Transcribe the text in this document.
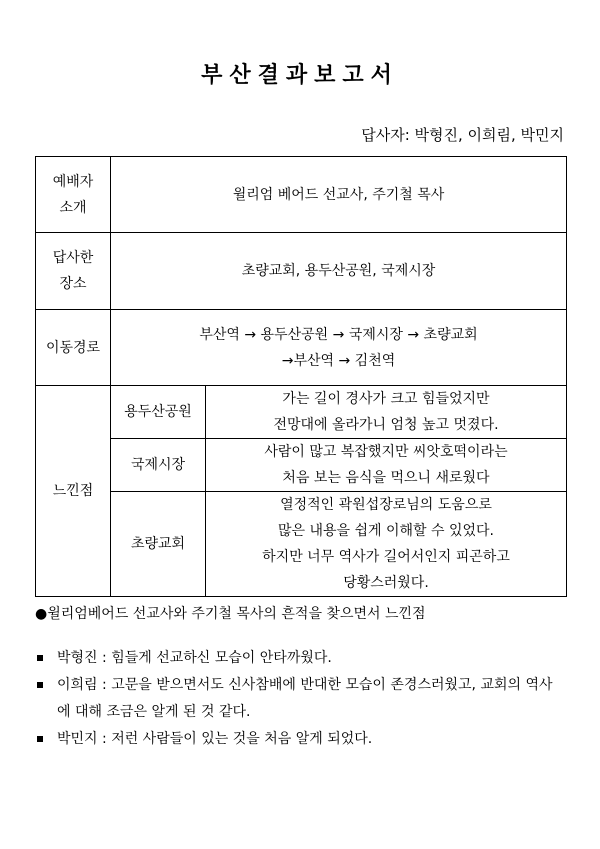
부산결과보고서
답사자: 박형진, 이희림, 박민지
예배자
소개	윌리엄 베어드 선교사, 주기철 목사	

답사한
장소	초량교회, 용두산공원, 국제시장	
이동경로	부산역 → 용두산공원 → 국제시장 → 초량교회
→부산역 → 김천역	

느낀점	용두산공원	가는 길이 경사가 크고 힘들었지만
전망대에 올라가니 엄청 높고 멋졌다.

	국제시장	사람이 많고 복잡했지만 씨앗호떡이라는
처음 보는 음식을 먹으니 새로웠다

	초량교회	열정적인 곽원섭장로님의 도움으로
많은 내용을 쉽게 이해할 수 있었다.
하지만 너무 역사가 길어서인지 피곤하고
당황스러웠다.
●윌리엄베어드 선교사와 주기철 목사의 흔적을 찾으면서 느낀점
박형진 : 힘들게 선교하신 모습이 안타까웠다.
이희림 : 고문을 받으면서도 신사참배에 반대한 모습이 존경스러웠고, 교회의 역사에 대해 조금은 알게 된 것 같다.
박민지 : 저런 사람들이 있는 것을 처음 알게 되었다.
